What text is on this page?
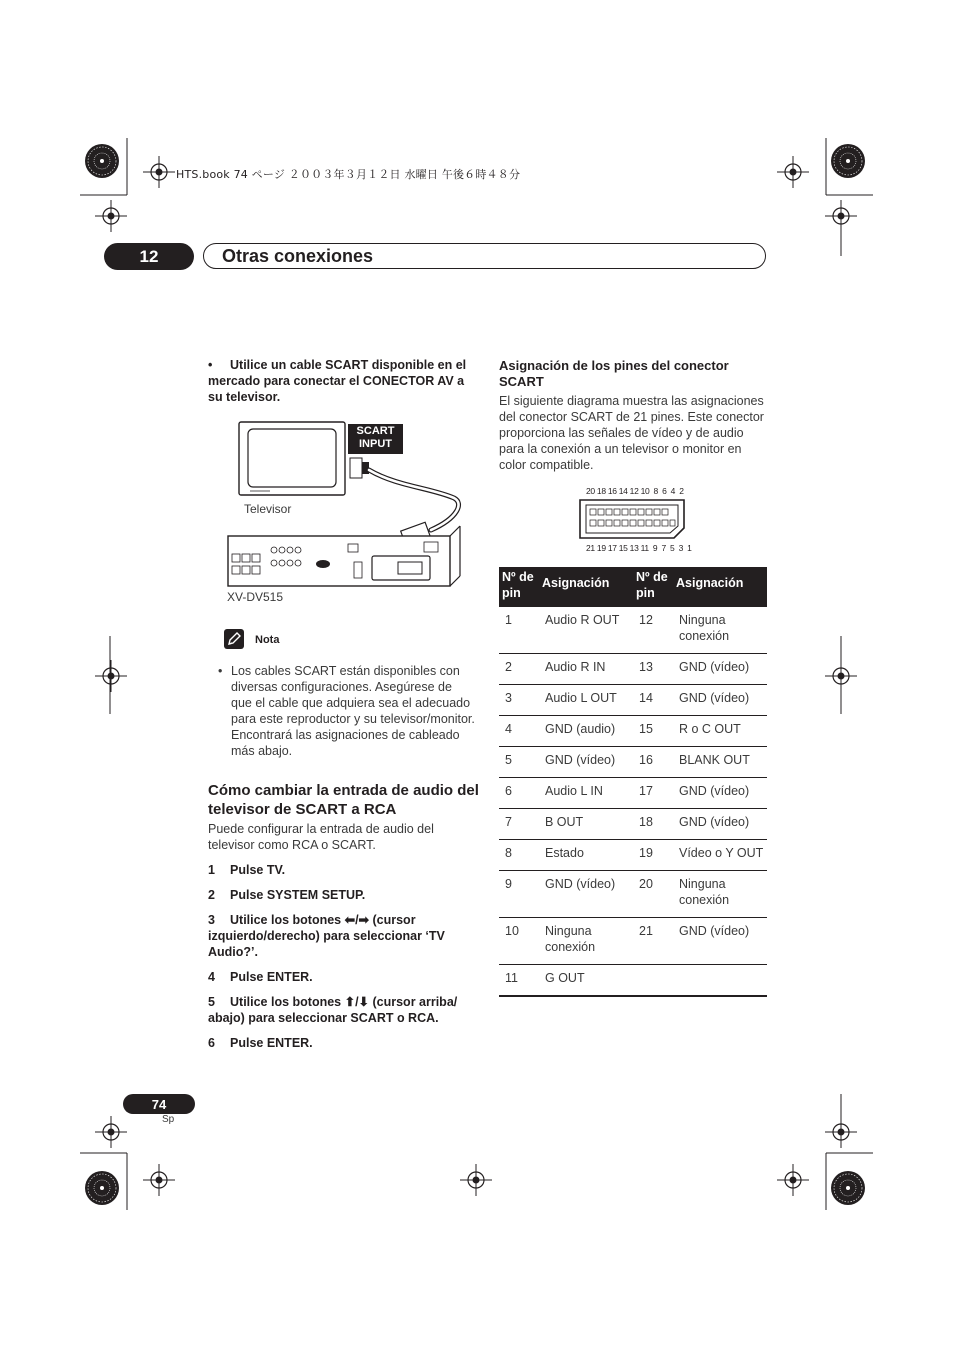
HTS.book 74 ページ ２００３年３月１２日 水曜日 午後６時４８分
12	Otras conexiones
• Utilice un cable SCART disponible en el mercado para conectar el CONECTOR AV a su televisor.
SCART
INPUT
Televisor
XV-DV515
Nota
• Los cables SCART están disponibles con diversas configuraciones. Asegúrese de que el cable que adquiera sea el adecuado para este reproductor y su televisor/monitor. Encontrará las asignaciones de cableado más abajo.
Cómo cambiar la entrada de audio del televisor de SCART a RCA
Puede configurar la entrada de audio del televisor como RCA o SCART.
1 Pulse TV.
2 Pulse SYSTEM SETUP.
3 Utilice los botones ⬅/➡ (cursor izquierdo/derecho) para seleccionar ‘TV Audio?’.
4 Pulse ENTER.
5 Utilice los botones ⬆/⬇ (cursor arriba/ abajo) para seleccionar SCART o RCA.
6 Pulse ENTER.
Asignación de los pines del conector SCART
El siguiente diagrama muestra las asignaciones del conector SCART de 21 pines. Este conector proporciona las señales de vídeo y de audio para la conexión a un televisor o monitor en color compatible.
20 18 16 14 12 10  8  6  4  2
21 19 17 15 13 11  9  7  5  3  1
Nº de pin	Asignación	Nº de pin	Asignación
1	Audio R OUT	12	Ninguna conexión
2	Audio R IN	13	GND (vídeo)
3	Audio L OUT	14	GND (vídeo)
4	GND (audio)	15	R o C OUT
5	GND (vídeo)	16	BLANK OUT
6	Audio L IN	17	GND (vídeo)
7	B OUT	18	GND (vídeo)
8	Estado	19	Vídeo o Y OUT
9	GND (vídeo)	20	Ninguna conexión
10	Ninguna conexión	21	GND (vídeo)
11	G OUT		
74
Sp
